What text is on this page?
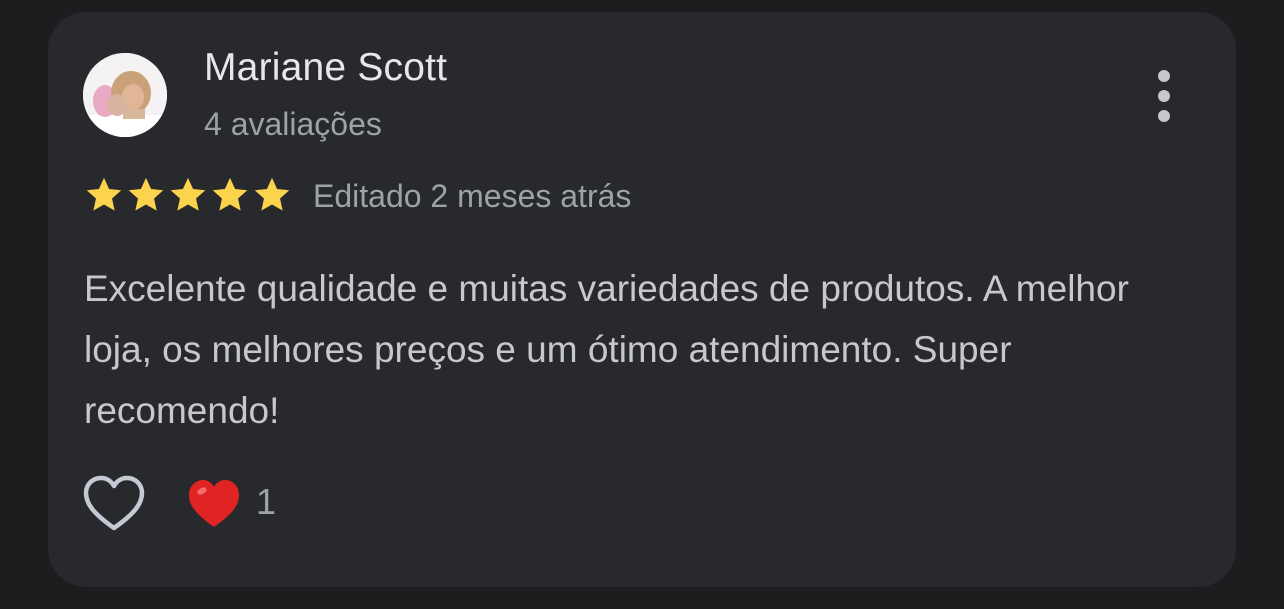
Mariane Scott
4 avaliações
Editado 2 meses atrás
Excelente qualidade e muitas variedades de produtos. A melhor loja, os melhores preços e um ótimo atendimento. Super recomendo!
1
